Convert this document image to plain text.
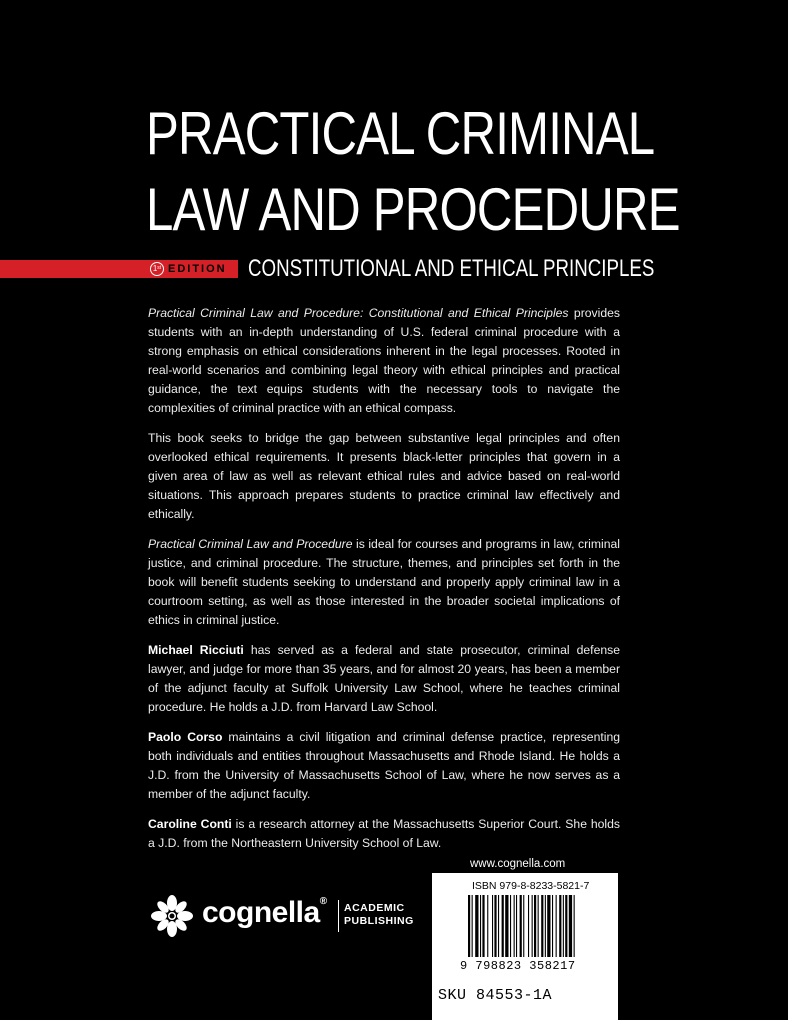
PRACTICAL CRIMINAL
LAW AND PROCEDURE
1st EDITION CONSTITUTIONAL AND ETHICAL PRINCIPLES

Practical Criminal Law and Procedure: Constitutional and Ethical Principles provides students with an in-depth understanding of U.S. federal criminal procedure with a strong emphasis on ethical considerations inherent in the legal processes. Rooted in real-world scenarios and combining legal theory with ethical principles and practical guidance, the text equips students with the necessary tools to navigate the complexities of criminal practice with an ethical compass.

This book seeks to bridge the gap between substantive legal principles and often overlooked ethical requirements. It presents black-letter principles that govern in a given area of law as well as relevant ethical rules and advice based on real-world situations. This approach prepares students to practice criminal law effectively and ethically.

Practical Criminal Law and Procedure is ideal for courses and programs in law, criminal justice, and criminal procedure. The structure, themes, and principles set forth in the book will benefit students seeking to understand and properly apply criminal law in a courtroom setting, as well as those interested in the broader societal implications of ethics in criminal justice.

Michael Ricciuti has served as a federal and state prosecutor, criminal defense lawyer, and judge for more than 35 years, and for almost 20 years, has been a member of the adjunct faculty at Suffolk University Law School, where he teaches criminal procedure. He holds a J.D. from Harvard Law School.

Paolo Corso maintains a civil litigation and criminal defense practice, representing both individuals and entities throughout Massachusetts and Rhode Island. He holds a J.D. from the University of Massachusetts School of Law, where he now serves as a member of the adjunct faculty.

Caroline Conti is a research attorney at the Massachusetts Superior Court. She holds a J.D. from the Northeastern University School of Law.

cognella®
ACADEMIC
PUBLISHING
www.cognella.com
ISBN 979-8-8233-5821-7
9 798823 358217
SKU 84553-1A
